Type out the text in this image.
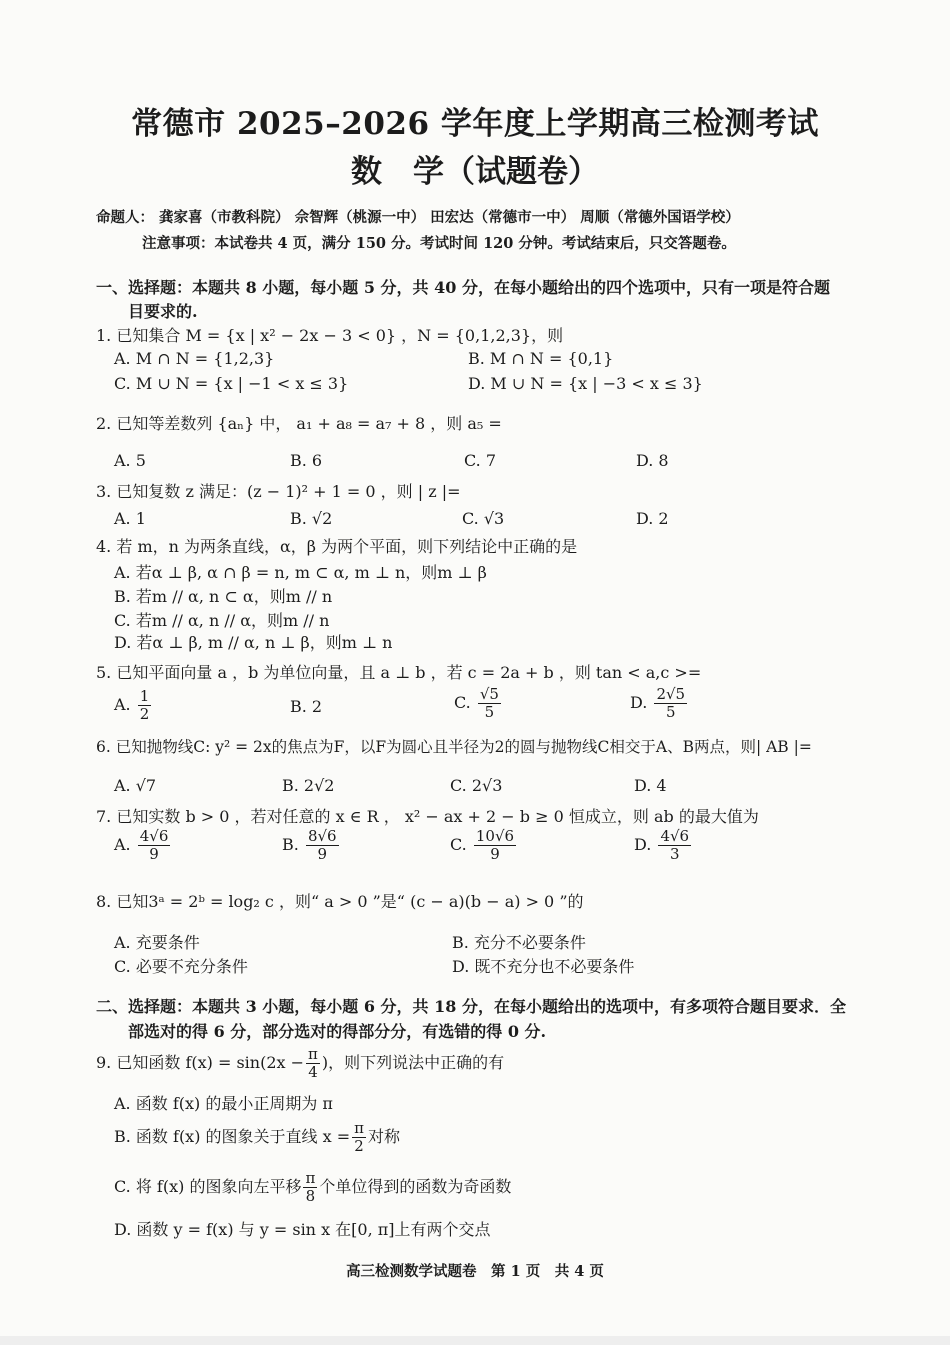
常德市 2025–2026 学年度上学期高三检测考试
数　学（试题卷）
命题人： 龚家喜（市教科院） 佘智辉（桃源一中） 田宏达（常德市一中） 周顺（常德外国语学校）
注意事项：本试卷共 4 页，满分 150 分。考试时间 120 分钟。考试结束后，只交答题卷。
一、选择题：本题共 8 小题，每小题 5 分，共 40 分，在每小题给出的四个选项中，只有一项是符合题
目要求的.
1. 已知集合 M = {x | x² − 2x − 3 < 0} ，N = {0,1,2,3}，则
A. M ∩ N = {1,2,3}	B. M ∩ N = {0,1}
C. M ∪ N = {x | −1 < x ≤ 3}	D. M ∪ N = {x | −3 < x ≤ 3}
2. 已知等差数列 {aₙ} 中， a₁ + a₈ = a₇ + 8 ，则 a₅ =
A. 5	B. 6	C. 7	D. 8
3. 已知复数 z 满足：(z − 1)² + 1 = 0 ，则 | z |=
A. 1	B. √2	C. √3	D. 2
4. 若 m，n 为两条直线，α，β 为两个平面，则下列结论中正确的是
A. 若α ⊥ β, α ∩ β = n, m ⊂ α, m ⊥ n，则m ⊥ β
B. 若m // α, n ⊂ α，则m // n
C. 若m // α, n // α，则m // n
D. 若α ⊥ β, m // α, n ⊥ β，则m ⊥ n
5. 已知平面向量 a ，b 为单位向量，且 a ⊥ b ，若 c = 2a + b ，则 tan < a,c >=
A. $\frac{1}{2}$	B. 2	C. $\frac{√5}{5}$	D. $\frac{2√5}{5}$
6. 已知抛物线C: y² = 2x的焦点为F，以F为圆心且半径为2的圆与抛物线C相交于A、B两点，则| AB |=
A. √7	B. 2√2	C. 2√3	D. 4
7. 已知实数 b > 0 ，若对任意的 x ∈ R ， x² − ax + 2 − b ≥ 0 恒成立，则 ab 的最大值为
A. $\frac{4√6}{9}$	B. $\frac{8√6}{9}$	C. $\frac{10√6}{9}$	D. $\frac{4√6}{3}$
8. 已知3ᵃ = 2ᵇ = log₂ c ，则“ a > 0 ”是“ (c − a)(b − a) > 0 ”的
A. 充要条件	B. 充分不必要条件
C. 必要不充分条件	D. 既不充分也不必要条件
二、选择题：本题共 3 小题，每小题 6 分，共 18 分，在每小题给出的选项中，有多项符合题目要求．全
部选对的得 6 分，部分选对的得部分分，有选错的得 0 分.
9. 已知函数 $f(x) = \sin(2x - \frac{\pi}{4}$ )，则下列说法中正确的有
A. 函数 f(x) 的最小正周期为 π
B. 函数 f(x) 的图象关于直线 $x = \frac{\pi}{2}$ 对称
C. 将 f(x) 的图象向左平移 $\frac{\pi}{8}$ 个单位得到的函数为奇函数
D. 函数 y = f(x) 与 y = sin x 在[0, π]上有两个交点
高三检测数学试题卷　第 1 页　共 4 页
